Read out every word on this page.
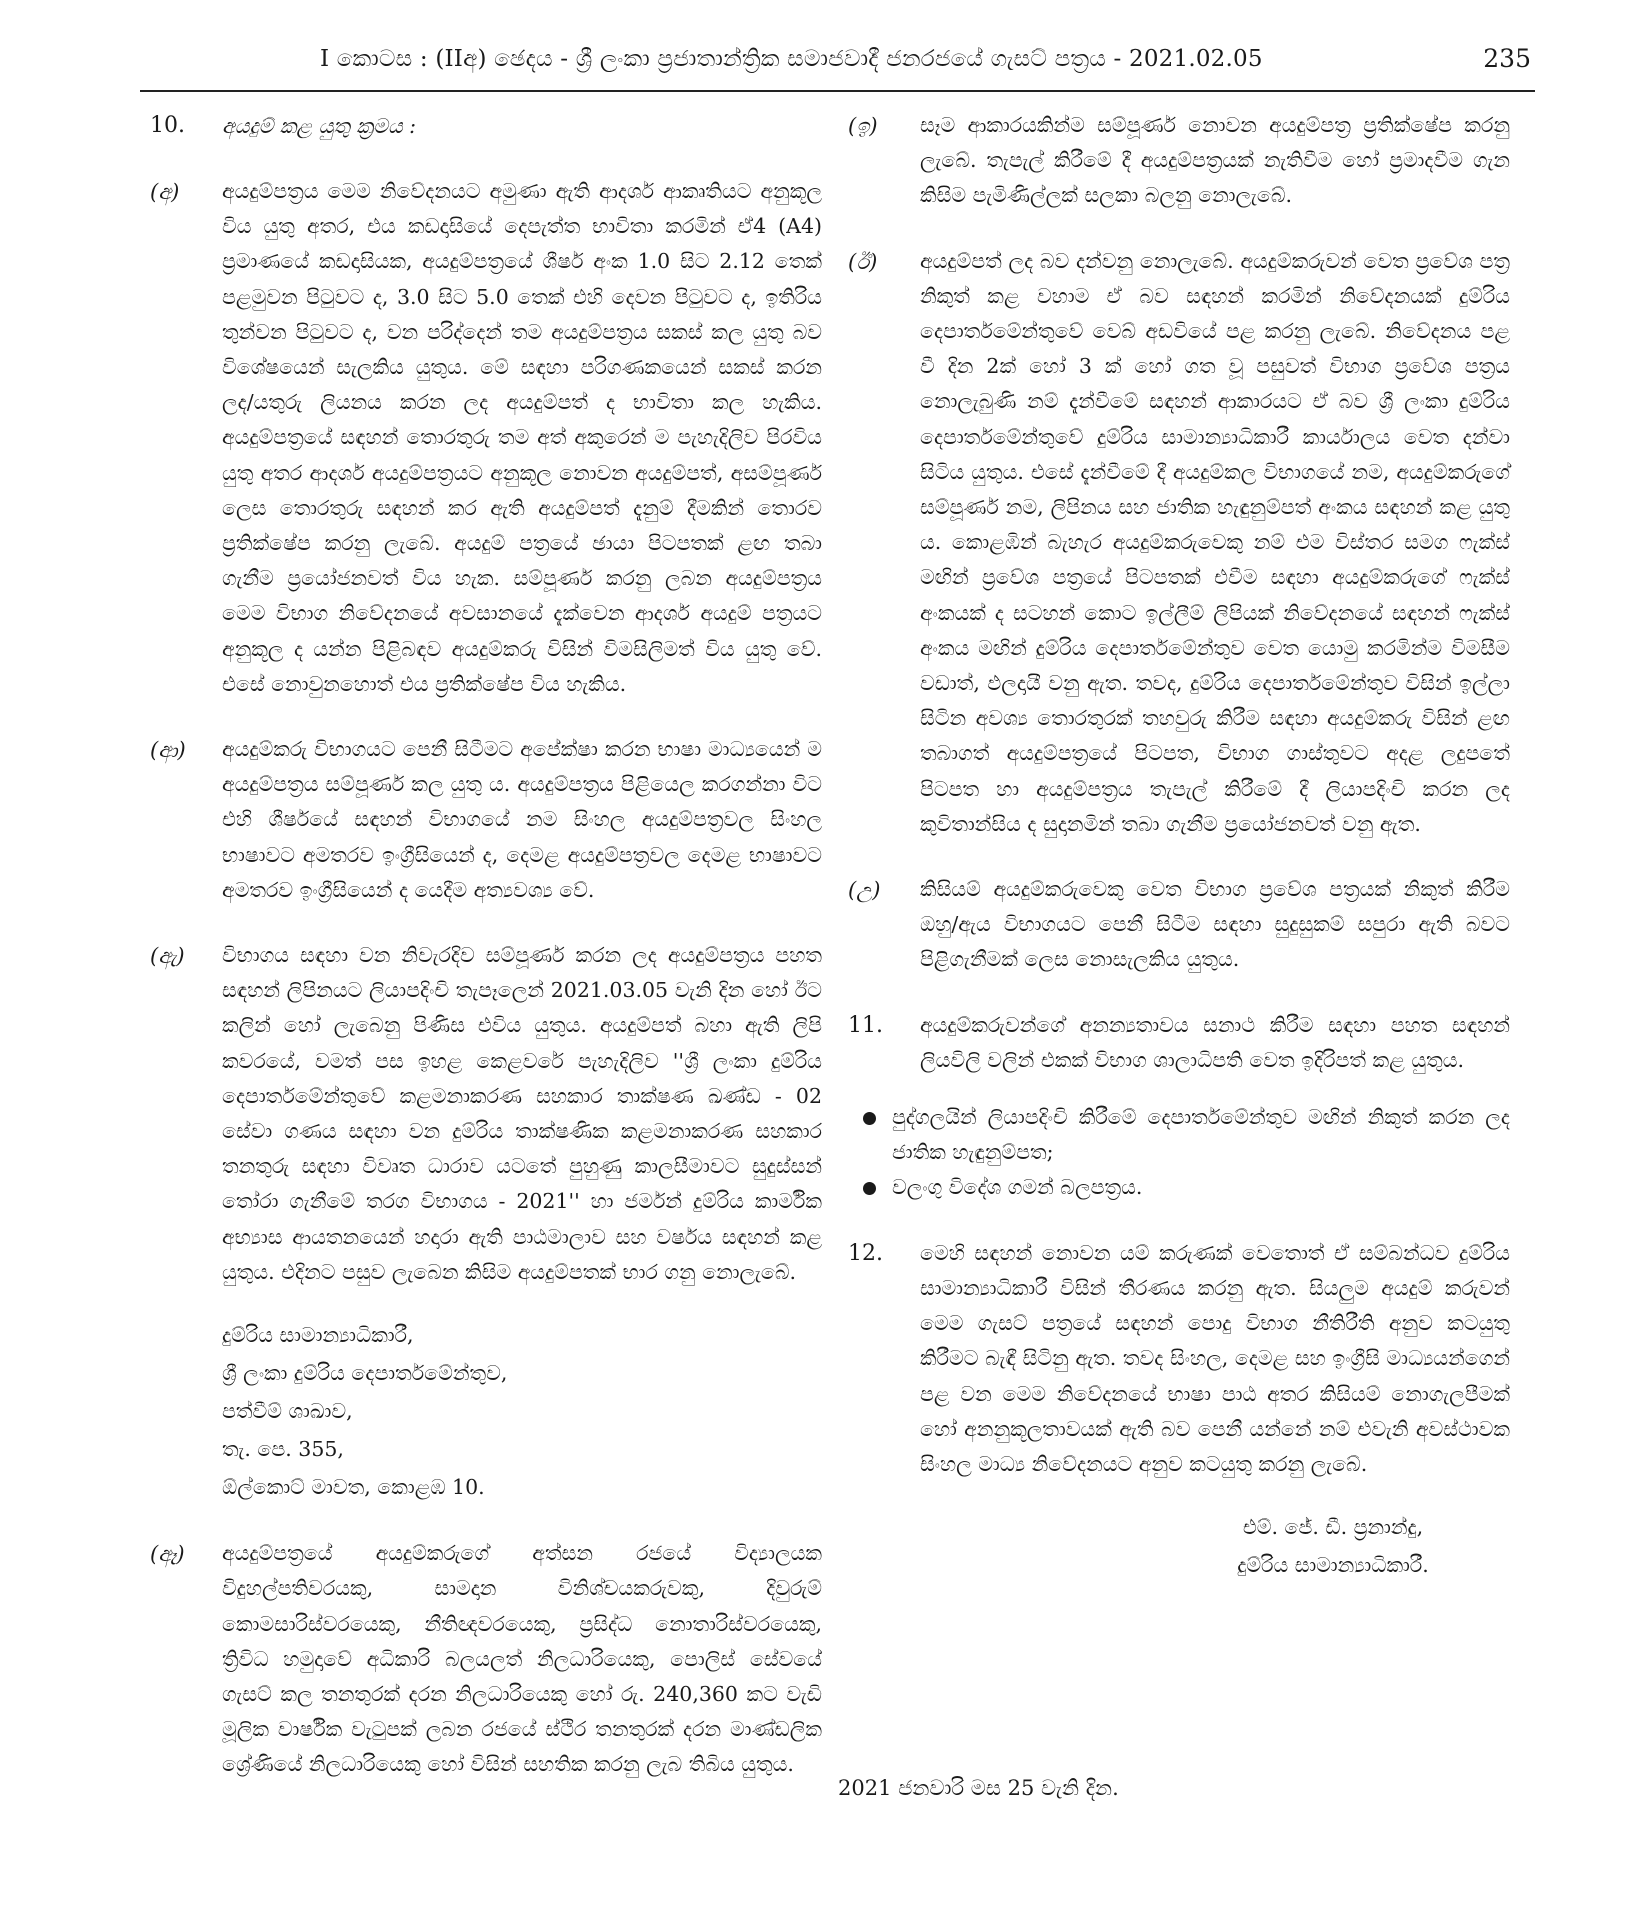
I කොටස : (IIඅ) ඡෙදය - ශ්‍රී ලංකා ප්‍රජාතාන්ත්‍රික සමාජවාදී ජනරජයේ ගැසට් පත්‍රය - 2021.02.05	235
10. අයදුම් කළ යුතු ක්‍රමය :
(අ) අයදුම්පත්‍රය මෙම නිවේදනයට අමුණා ඇති ආදර්ශ ආකෘතියට අනුකූල විය යුතු අතර, එය කඩදාසියේ දෙපැත්ත භාවිතා කරමින් ඒ4 (A4) ප්‍රමාණයේ කඩදාසියක, අයදුම්පත්‍රයේ ශීර්ෂ අංක 1.0 සිට 2.12 තෙක් පළමුවන පිටුවට ද, 3.0 සිට 5.0 තෙක් එහි දෙවන පිටුවට ද, ඉතිරිය තුන්වන පිටුවට ද, වන පරිද්දෙන් තම අයදුම්පත්‍රය සකස් කල යුතු බව විශේෂයෙන් සැලකිය යුතුය. මේ සඳහා පරිගණකයෙන් සකස් කරන ලද/යතුරු ලියනය කරන ලද අයදුම්පත් ද භාවිතා කල හැකිය. අයදුම්පත්‍රයේ සඳහන් තොරතුරු තම අත් අකුරෙන් ම පැහැදිලිව පිරවිය යුතු අතර ආදර්ශ අයදුම්පත්‍රයට අනුකූල නොවන අයදුම්පත්, අසම්පූර්ණ ලෙස තොරතුරු සඳහන් කර ඇති අයදුම්පත් දැනුම් දීමකින් තොරව ප්‍රතික්ෂේප කරනු ලැබේ. අයදුම් පත්‍රයේ ඡායා පිටපතක් ළඟ තබා ගැනීම ප්‍රයෝජනවත් විය හැක. සම්පූර්ණ කරනු ලබන අයදුම්පත්‍රය මෙම විභාග නිවේදනයේ අවසානයේ දැක්වෙන ආදර්ශ අයදුම් පත්‍රයට අනුකූල ද යන්න පිළිබඳව අයදුම්කරු විසින් විමසිලිමත් විය යුතු වේ. එසේ නොවුනහොත් එය ප්‍රතික්ෂේප විය හැකිය.
(ආ) අයදුම්කරු විභාගයට පෙනී සිටීමට අපේක්ෂා කරන භාෂා මාධ්‍යයෙන් ම අයදුම්පත්‍රය සම්පූර්ණ කල යුතු ය. අයදුම්පත්‍රය පිළියෙල කරගන්නා විට එහි ශීර්ෂයේ සඳහන් විභාගයේ නම සිංහල අයදුම්පත්‍රවල සිංහල භාෂාවට අමතරව ඉංග්‍රීසියෙන් ද, දෙමළ අයදුම්පත්‍රවල දෙමළ භාෂාවට අමතරව ඉංග්‍රීසියෙන් ද යෙදීම අත්‍යවශ්‍ය වේ.
(ඇ) විභාගය සඳහා වන නිවැරදිව සම්පූර්ණ කරන ලද අයදුම්පත්‍රය පහත සඳහන් ලිපිනයට ලියාපදිංචි තැපෑලෙන් 2021.03.05 වැනි දින හෝ ඊට කලින් හෝ ලැබෙනු පිණිස එවිය යුතුය. අයදුම්පත් බහා ඇති ලිපි කවරයේ, වමත් පස ඉහළ කෙළවරේ පැහැදිලිව ''ශ්‍රී ලංකා දුම්රිය දෙපාර්තමේන්තුවේ කළමනාකරණ සහකාර තාක්ෂණ ඛණ්ඩ - 02 සේවා ගණය සඳහා වන දුම්රිය තාක්ෂණික කළමනාකරණ සහකාර තනතුරු සඳහා විවෘත ධාරාව යටතේ පුහුණු කාලසීමාවට සුදුස්සන් තෝරා ගැනීමේ තරග විභාගය - 2021'' හා ජර්මන් දුම්රිය කාර්මික අභ්‍යාස ආයතනයෙන් හදාරා ඇති පාඨමාලාව සහ වර්ෂය සඳහන් කළ යුතුය. එදිනට පසුව ලැබෙන කිසිම අයදුම්පතක් භාර ගනු නොලැබේ.
දුම්රිය සාමාන්‍යාධිකාරී,
ශ්‍රී ලංකා දුම්රිය දෙපාර්තමේන්තුව,
පත්වීම් ශාඛාව,
තැ. පෙ. 355,
ඕල්කොට් මාවත, කොළඹ 10.
(ඈ) අයදුම්පත්‍රයේ අයදුම්කරුගේ අත්සන රජයේ විද්‍යාලයක විදුහල්පතිවරයකු, සාමදාන විනිශ්චයකරුවකු, දිවුරුම් කොමසාරිස්වරයෙකු, නීතිඥවරයෙකු, ප්‍රසිද්ධ නොතාරිස්වරයෙකු, ත්‍රිවිධ හමුදාවේ අධිකාරි බලයලත් නිලධාරියෙකු, පොලිස් සේවයේ ගැසට් කල තනතුරක් දරන නිලධාරියෙකු හෝ රු. 240,360 කට වැඩි මූලික වාර්ෂික වැටුපක් ලබන රජයේ ස්ථිර තනතුරක් දරන මාණ්ඩලික ශ්‍රේණියේ නිලධාරියෙකු හෝ විසින් සහතික කරනු ලැබ තිබිය යුතුය.
(ඉ) සෑම ආකාරයකින්ම සම්පූර්ණ නොවන අයදුම්පත්‍ර ප්‍රතික්ෂේප කරනු ලැබේ. තැපැල් කිරීමේ දී අයදුම්පත්‍රයක් නැතිවීම හෝ ප්‍රමාදවීම ගැන කිසිම පැමිණිල්ලක් සලකා බලනු නොලැබේ.
(ඊ) අයදුම්පත් ලද බව දන්වනු නොලැබේ. අයදුම්කරුවන් වෙත ප්‍රවේශ පත්‍ර නිකුත් කළ වහාම ඒ බව සඳහන් කරමින් නිවේදනයක් දුම්රිය දෙපාර්තමේන්තුවේ වෙබ් අඩවියේ පළ කරනු ලැබේ. නිවේදනය පළ වී දින 2ක් හෝ 3 ක් හෝ ගත වූ පසුවත් විභාග ප්‍රවේශ පත්‍රය නොලැබුණි නම් දැන්වීමේ සඳහන් ආකාරයට ඒ බව ශ්‍රී ලංකා දුම්රිය දෙපාර්තමේන්තුවේ දුම්රිය සාමාන්‍යාධිකාරී කාර්යාලය වෙත දන්වා සිටිය යුතුය. එසේ දැන්වීමේ දී අයදුම්කල විභාගයේ නම, අයදුම්කරුගේ සම්පූර්ණ නම, ලිපිනය සහ ජාතික හැඳුනුම්පත් අංකය සඳහන් කළ යුතු ය. කොළඹින් බැහැර අයදුම්කරුවෙකු නම් එම විස්තර සමග ෆැක්ස් මඟින් ප්‍රවේශ පත්‍රයේ පිටපතක් එවීම සඳහා අයදුම්කරුගේ ෆැක්ස් අංකයක් ද සටහන් කොට ඉල්ලීම් ලිපියක් නිවේදනයේ සඳහන් ෆැක්ස් අංකය මඟින් දුම්රිය දෙපාර්තමේන්තුව වෙත යොමු කරමින්ම විමසීම වඩාත්, ඵලදායී වනු ඇත. තවද, දුම්රිය දෙපාර්තමේන්තුව විසින් ඉල්ලා සිටින අවශ්‍ය තොරතුරක් තහවුරු කිරීම සඳහා අයදුම්කරු විසින් ළඟ තබාගත් අයදුම්පත්‍රයේ පිටපත, විභාග ගාස්තුවට අදළ ලදුපතේ පිටපත හා අයදුම්පත්‍රය තැපැල් කිරීමේ දී ලියාපදිංචි කරන ලද කුවිතාන්සිය ද සුදානමින් තබා ගැනීම ප්‍රයෝජනවත් වනු ඇත.
(උ) කිසියම් අයදුම්කරුවෙකු වෙත විභාග ප්‍රවේශ පත්‍රයක් නිකුත් කිරීම ඔහු/ඇය විභාගයට පෙනී සිටීම සඳහා සුදුසුකම් සපුරා ඇති බවට පිළිගැනීමක් ලෙස නොසැලකිය යුතුය.
11. අයදුම්කරුවන්ගේ අනන්‍යතාවය සනාථ කිරීම සඳහා පහත සඳහන් ලියවිලි වලින් එකක් විභාග ශාලාධිපති වෙත ඉදිරිපත් කළ යුතුය.
පුද්ගලයින් ලියාපදිංචි කිරීමේ දෙපාර්තමේන්තුව මඟින් නිකුත් කරන ලද ජාතික හැඳුනුම්පත;
වලංගු විදේශ ගමන් බලපත්‍රය.
12. මෙහි සඳහන් නොවන යම් කරුණක් වෙතොත් ඒ සම්බන්ධව දුම්රිය සාමාන්‍යාධිකාරී විසින් තීරණය කරනු ඇත. සියලුම අයදුම් කරුවන් මෙම ගැසට් පත්‍රයේ සඳහන් පොදු විභාග නීතිරීති අනුව කටයුතු කිරීමට බැඳී සිටිනු ඇත. තවද සිංහල, දෙමළ සහ ඉංග්‍රීසි මාධ්‍යයන්ගෙන් පළ වන මෙම නිවේදනයේ භාෂා පාඨ අතර කිසියම් නොගැලපීමක් හෝ අනනුකූලතාවයක් ඇති බව පෙනී යන්නේ නම් එවැනි අවස්ථාවක සිංහල මාධ්‍ය නිවේදනයට අනුව කටයුතු කරනු ලැබේ.
එම්. ජේ. ඩී. ප්‍රනාන්දු,
දුම්රිය සාමාන්‍යාධිකාරී.
2021 ජනවාරි මස 25 වැනි දින.
